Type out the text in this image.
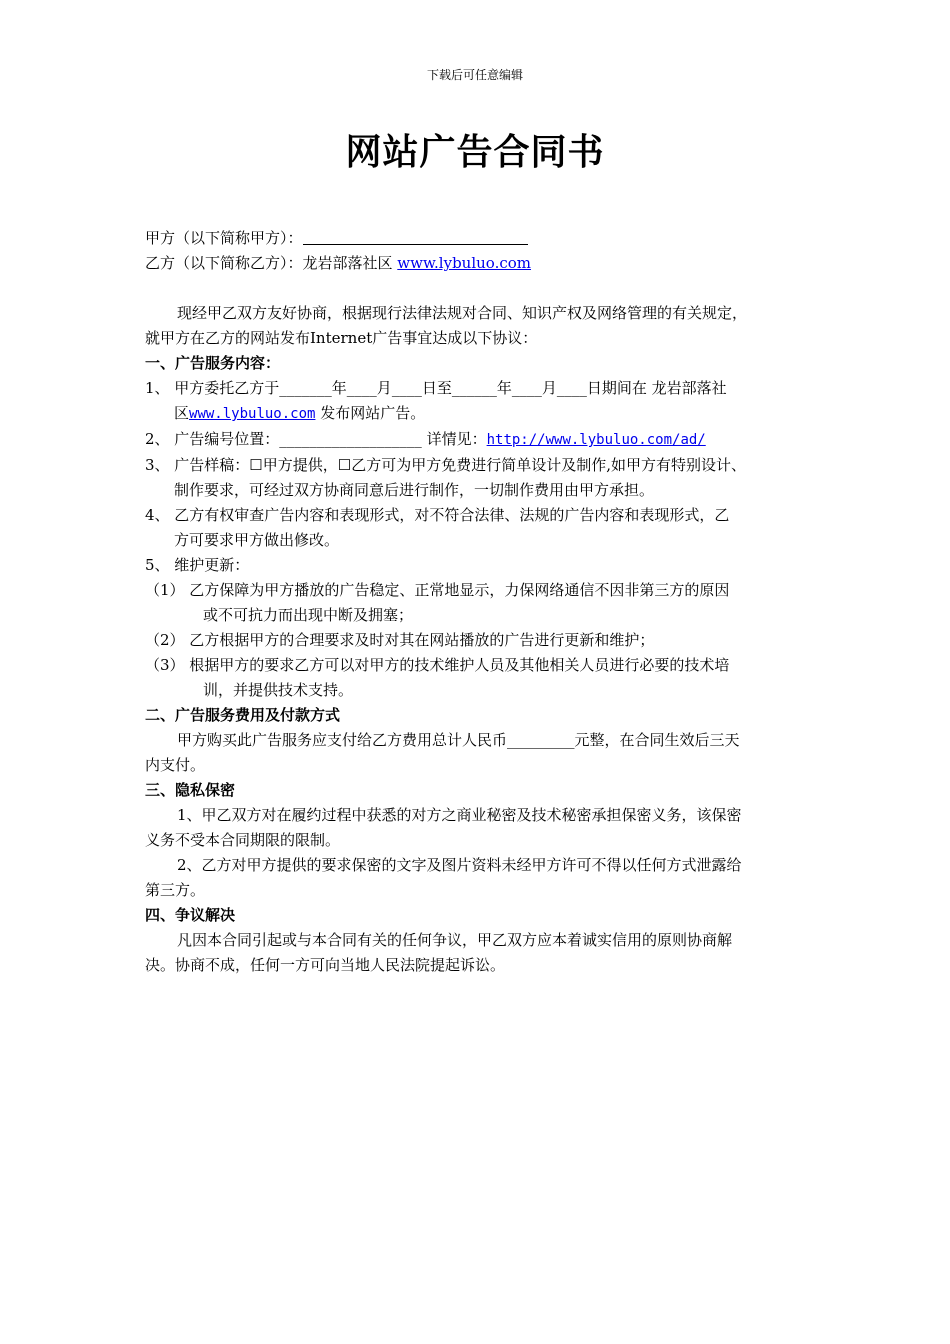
下载后可任意编辑
网站广告合同书
甲方（以下简称甲方）：
乙方（以下简称乙方）：龙岩部落社区 www.lybuluo.com
现经甲乙双方友好协商，根据现行法律法规对合同、知识产权及网络管理的有关规定，
就甲方在乙方的网站发布Internet广告事宜达成以下协议：
一、广告服务内容：
1、 甲方委托乙方于_______年____月____日至______年____月____日期间在 龙岩部落社
区www.lybuluo.com 发布网站广告。
2、 广告编号位置：___________________ 详情见：http://www.lybuluo.com/ad/
3、 广告样稿：☐甲方提供，☐乙方可为甲方免费进行简单设计及制作,如甲方有特别设计、
制作要求，可经过双方协商同意后进行制作，一切制作费用由甲方承担。
4、 乙方有权审查广告内容和表现形式，对不符合法律、法规的广告内容和表现形式，乙
方可要求甲方做出修改。
5、 维护更新：
（1） 乙方保障为甲方播放的广告稳定、正常地显示，力保网络通信不因非第三方的原因
或不可抗力而出现中断及拥塞；
（2） 乙方根据甲方的合理要求及时对其在网站播放的广告进行更新和维护；
（3） 根据甲方的要求乙方可以对甲方的技术维护人员及其他相关人员进行必要的技术培
训，并提供技术支持。
二、广告服务费用及付款方式
甲方购买此广告服务应支付给乙方费用总计人民币_________元整，在合同生效后三天
内支付。
三、隐私保密
1、甲乙双方对在履约过程中获悉的对方之商业秘密及技术秘密承担保密义务，该保密
义务不受本合同期限的限制。
2、乙方对甲方提供的要求保密的文字及图片资料未经甲方许可不得以任何方式泄露给
第三方。
四、争议解决
凡因本合同引起或与本合同有关的任何争议，甲乙双方应本着诚实信用的原则协商解
决。协商不成，任何一方可向当地人民法院提起诉讼。
